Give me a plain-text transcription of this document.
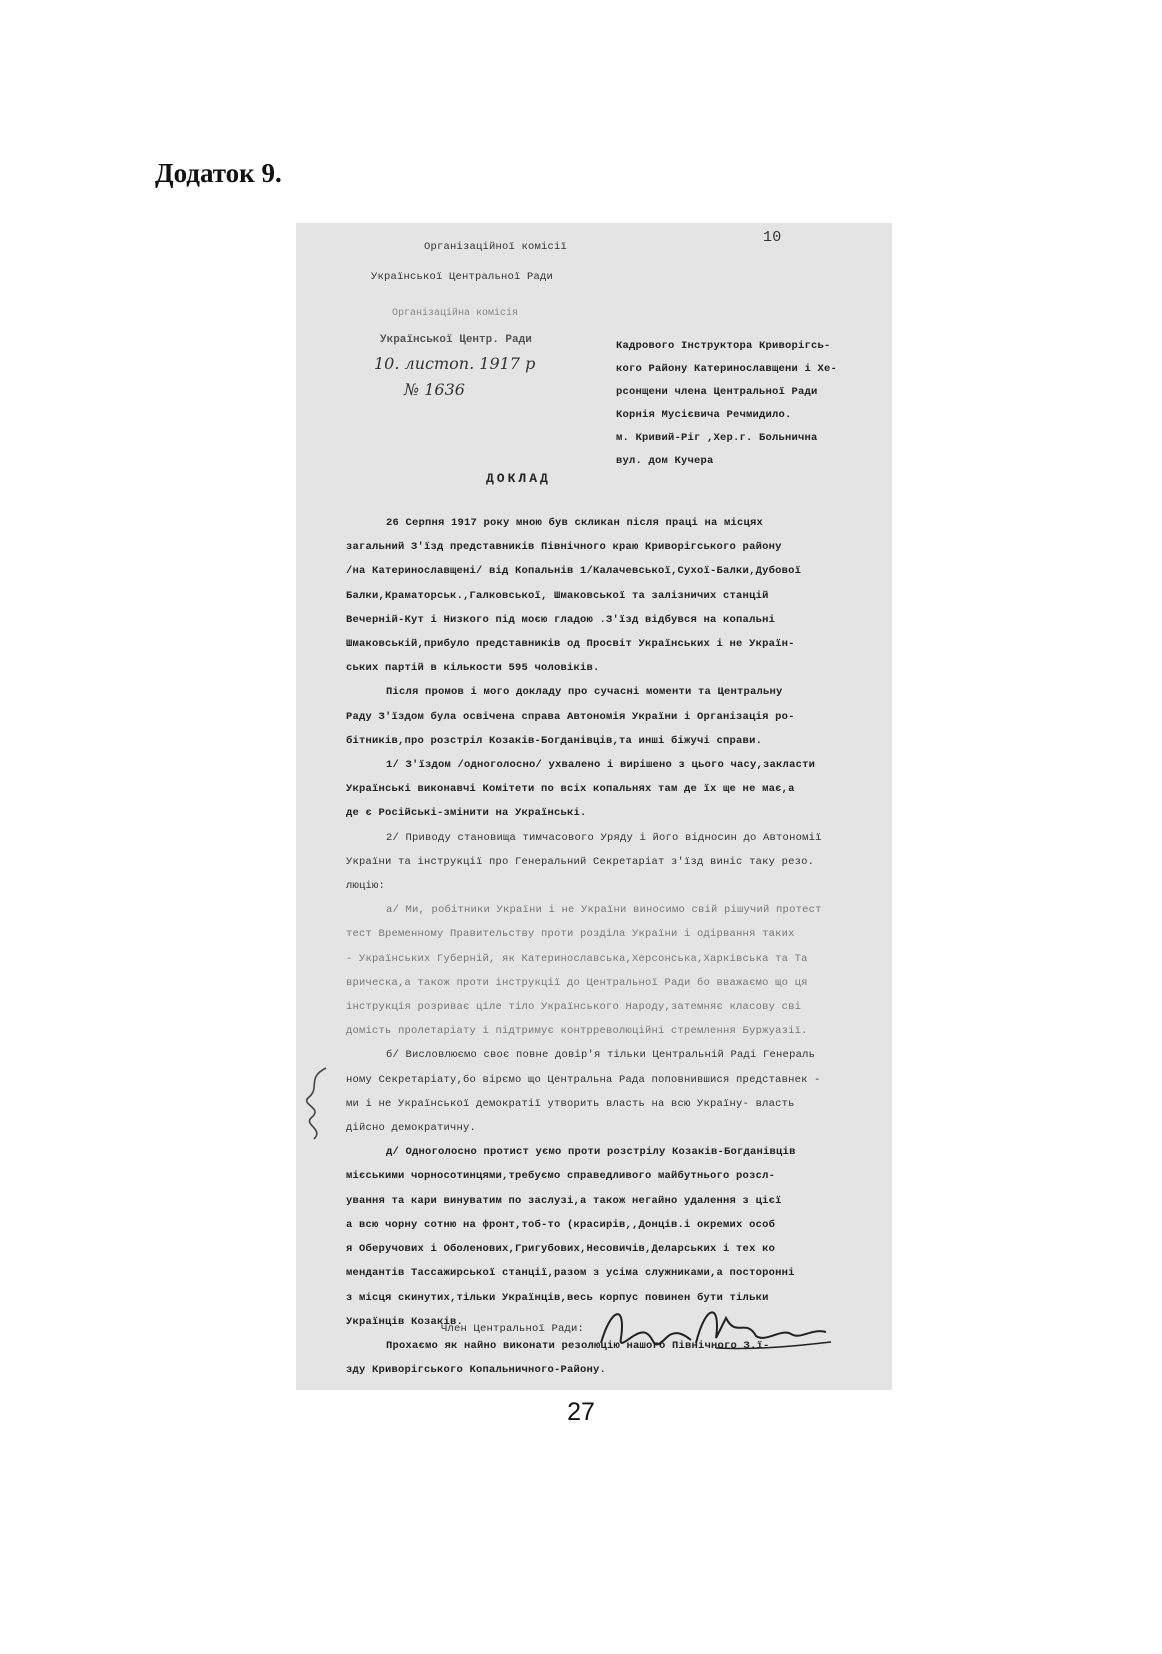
Додаток 9.
10
Організаційної комісії
Української Центральної Ради
Організаційна комісія
Української Центр. Ради
10. листоп. 1917 р
№ 1636
Кадрового Інструктора Криворігсь-
кого Району Катеринославщени і Хе-
рсонщени члена Центральної Ради
Корнія Мусієвича Речмидило.
м. Кривий-Ріг ,Хер.г. Больнична
вул. дом Кучера
ДОКЛАД
26 Серпня 1917 року мною був скликан після праці на місцях
загальний З'їзд представників Північного краю Криворігського району
/на Катеринославщені/ від Копальнів 1/Калачевської,Сухої-Балки,Дубової
Балки,Краматорськ.,Галковської, Шмаковської та залізничих станцій
Вечерній-Кут і Низкого під моєю гладою .З'їзд відбувся на копальні
Шмаковській,прибуло представників од Просвіт Українських і не Україн-
ських партій в кількости 595 чоловіків.
Після промов і мого докладу про сучасні моменти та Центральну
Раду З'їздом була освічена справа Автономія України і Організація ро-
бітників,про розстріл Козаків-Богданівців,та инші біжучі справи.
1/ З'їздом /одноголосно/ ухвалено і вирішено з цього часу,закласти
Українські виконавчі Комітети по всіх копальнях там де їх ще не має,а
де є Російські-змінити на Українські.
2/ Приводу становища тимчасового Уряду і його відносин до Автономії
України та інструкції про Генеральний Секретаріат з'їзд виніс таку резо.
люцію:
а/ Ми, робітники України і не України виносимо свій рішучий протест
тест Временному Правительству проти розділа України і одірвання таких
- Українських Губерній, як Катеринославська,Херсонська,Харківська та Та
врическа,а також проти інструкції до Центральної Ради бо вважаємо що ця
інструкція розриває ціле тіло Українського Народу,затемняє класову сві
домість пролетаріату і підтримує контрреволюційні стремлення Буржуазії.
б/ Висловлюємо своє повне довір'я тільки Центральній Раді Генераль
ному Секретаріату,бо вірємо що Центральна Рада поповнившися представнек -
ми і не Української демократії утворить власть на всю Україну- власть
дійсно демократичну.
д/ Одноголосно протист уємо проти розстрілу Козаків-Богданівців
мієськими чорносотинцями,требуємо справедливого майбутнього розсл-
ування та кари винуватим по заслузі,а також негайно удалення з цієї
а всю чорну сотню на фронт,тоб-то (красирів,,Донців.і окремих особ
я Оберучових і Оболенових,Григубових,Несовичів,Деларських і тех ко
мендантів Тассажирської станції,разом з усіма служниками,а посторонні
з місця скинутих,тільки Українців,весь корпус повинен бути тільки
Українців Козаків.
Прохаємо як найно виконати резолюцію нашого Північного З.ї-
зду Криворігського Копальничного-Району.
Член Центральної Ради:
27
